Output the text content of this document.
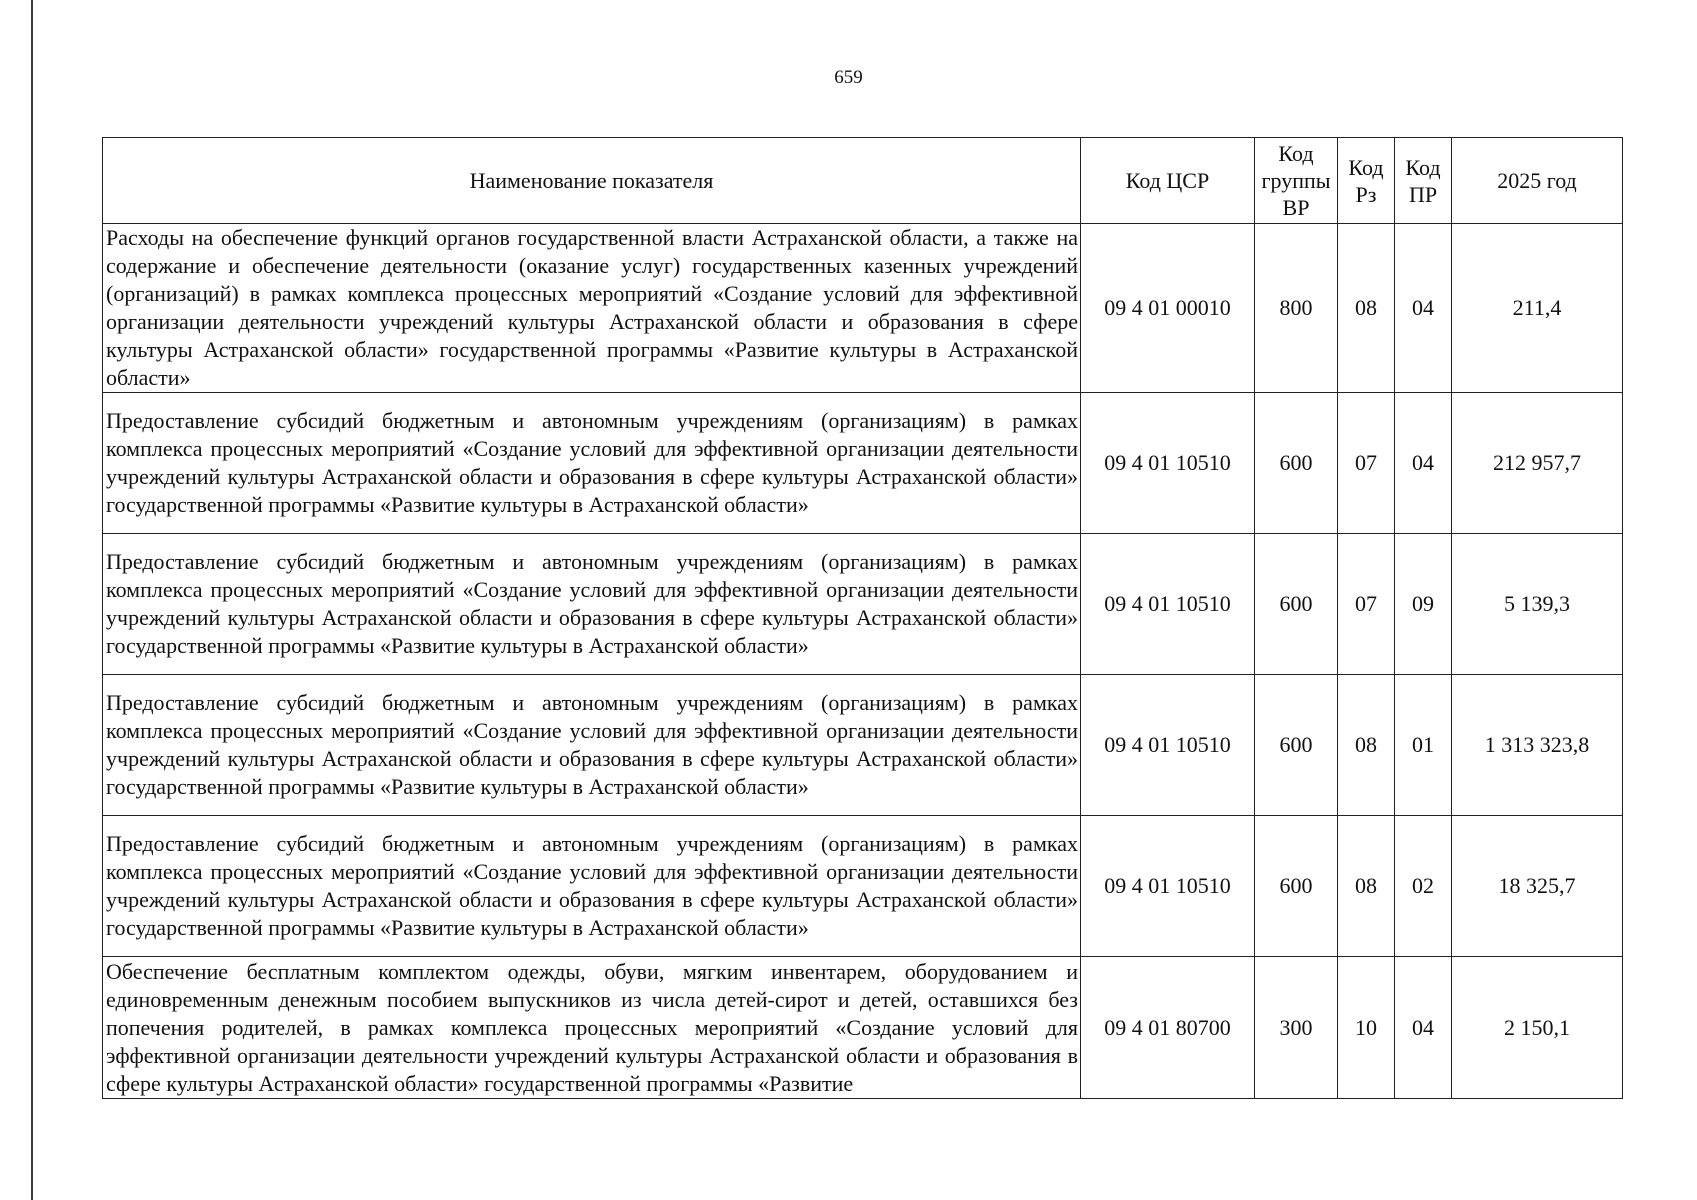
659
Наименование показателя	Код ЦСР	Код группы ВР	Код Рз	Код ПР	2025 год

Расходы на обеспечение функций органов государственной власти Астраханской области, а также на содержание и обеспечение деятельности (оказание услуг) государственных казенных учреждений (организаций) в рамках комплекса процессных мероприятий «Создание условий для эффективной организации деятельности учреждений культуры Астраханской области и образования в сфере культуры Астраханской области» государственной программы «Развитие культуры в Астраханской области»	09 4 01 00010	800	08	04	211,4

Предоставление субсидий бюджетным и автономным учреждениям (организациям) в рамках комплекса процессных мероприятий «Создание условий для эффективной организации деятельности учреждений культуры Астраханской области и образования в сфере культуры Астраханской области» государственной программы «Развитие культуры в Астраханской области»	09 4 01 10510	600	07	04	212 957,7

Предоставление субсидий бюджетным и автономным учреждениям (организациям) в рамках комплекса процессных мероприятий «Создание условий для эффективной организации деятельности учреждений культуры Астраханской области и образования в сфере культуры Астраханской области» государственной программы «Развитие культуры в Астраханской области»	09 4 01 10510	600	07	09	5 139,3

Предоставление субсидий бюджетным и автономным учреждениям (организациям) в рамках комплекса процессных мероприятий «Создание условий для эффективной организации деятельности учреждений культуры Астраханской области и образования в сфере культуры Астраханской области» государственной программы «Развитие культуры в Астраханской области»	09 4 01 10510	600	08	01	1 313 323,8

Предоставление субсидий бюджетным и автономным учреждениям (организациям) в рамках комплекса процессных мероприятий «Создание условий для эффективной организации деятельности учреждений культуры Астраханской области и образования в сфере культуры Астраханской области» государственной программы «Развитие культуры в Астраханской области»	09 4 01 10510	600	08	02	18 325,7

Обеспечение бесплатным комплектом одежды, обуви, мягким инвентарем, оборудованием и единовременным денежным пособием выпускников из числа детей-сирот и детей, оставшихся без попечения родителей, в рамках комплекса процессных мероприятий «Создание условий для эффективной организации деятельности учреждений культуры Астраханской области и образования в сфере культуры Астраханской области» государственной программы «Развитие	09 4 01 80700	300	10	04	2 150,1
